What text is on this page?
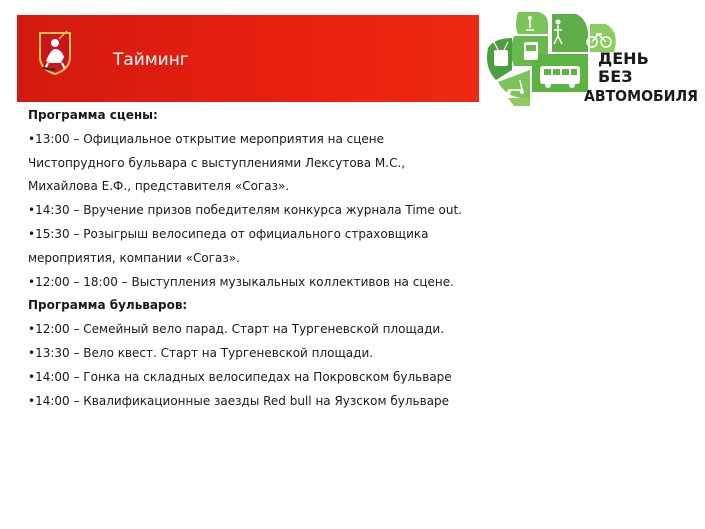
Тайминг	ДЕНЬ
БЕЗ
АВТОМОБИЛЯ
Программа сцены:
•13:00 – Официальное открытие мероприятия на сцене Чистопрудного бульвара с выступлениями Лексутова М.С., Михайлова Е.Ф., представителя «Согаз».
•14:30 – Вручение призов победителям конкурса журнала Time out.
•15:30 – Розыгрыш велосипеда от официального страховщика мероприятия, компании «Согаз».
•12:00 – 18:00 – Выступления музыкальных коллективов на сцене.
Программа бульваров:
•12:00 – Семейный вело парад. Старт на Тургеневской площади.
•13:30 – Вело квест. Старт на Тургеневской площади.
•14:00 – Гонка на складных велосипедах на Покровском бульваре
•14:00 – Квалификационные заезды Red bull на Яузском бульваре
